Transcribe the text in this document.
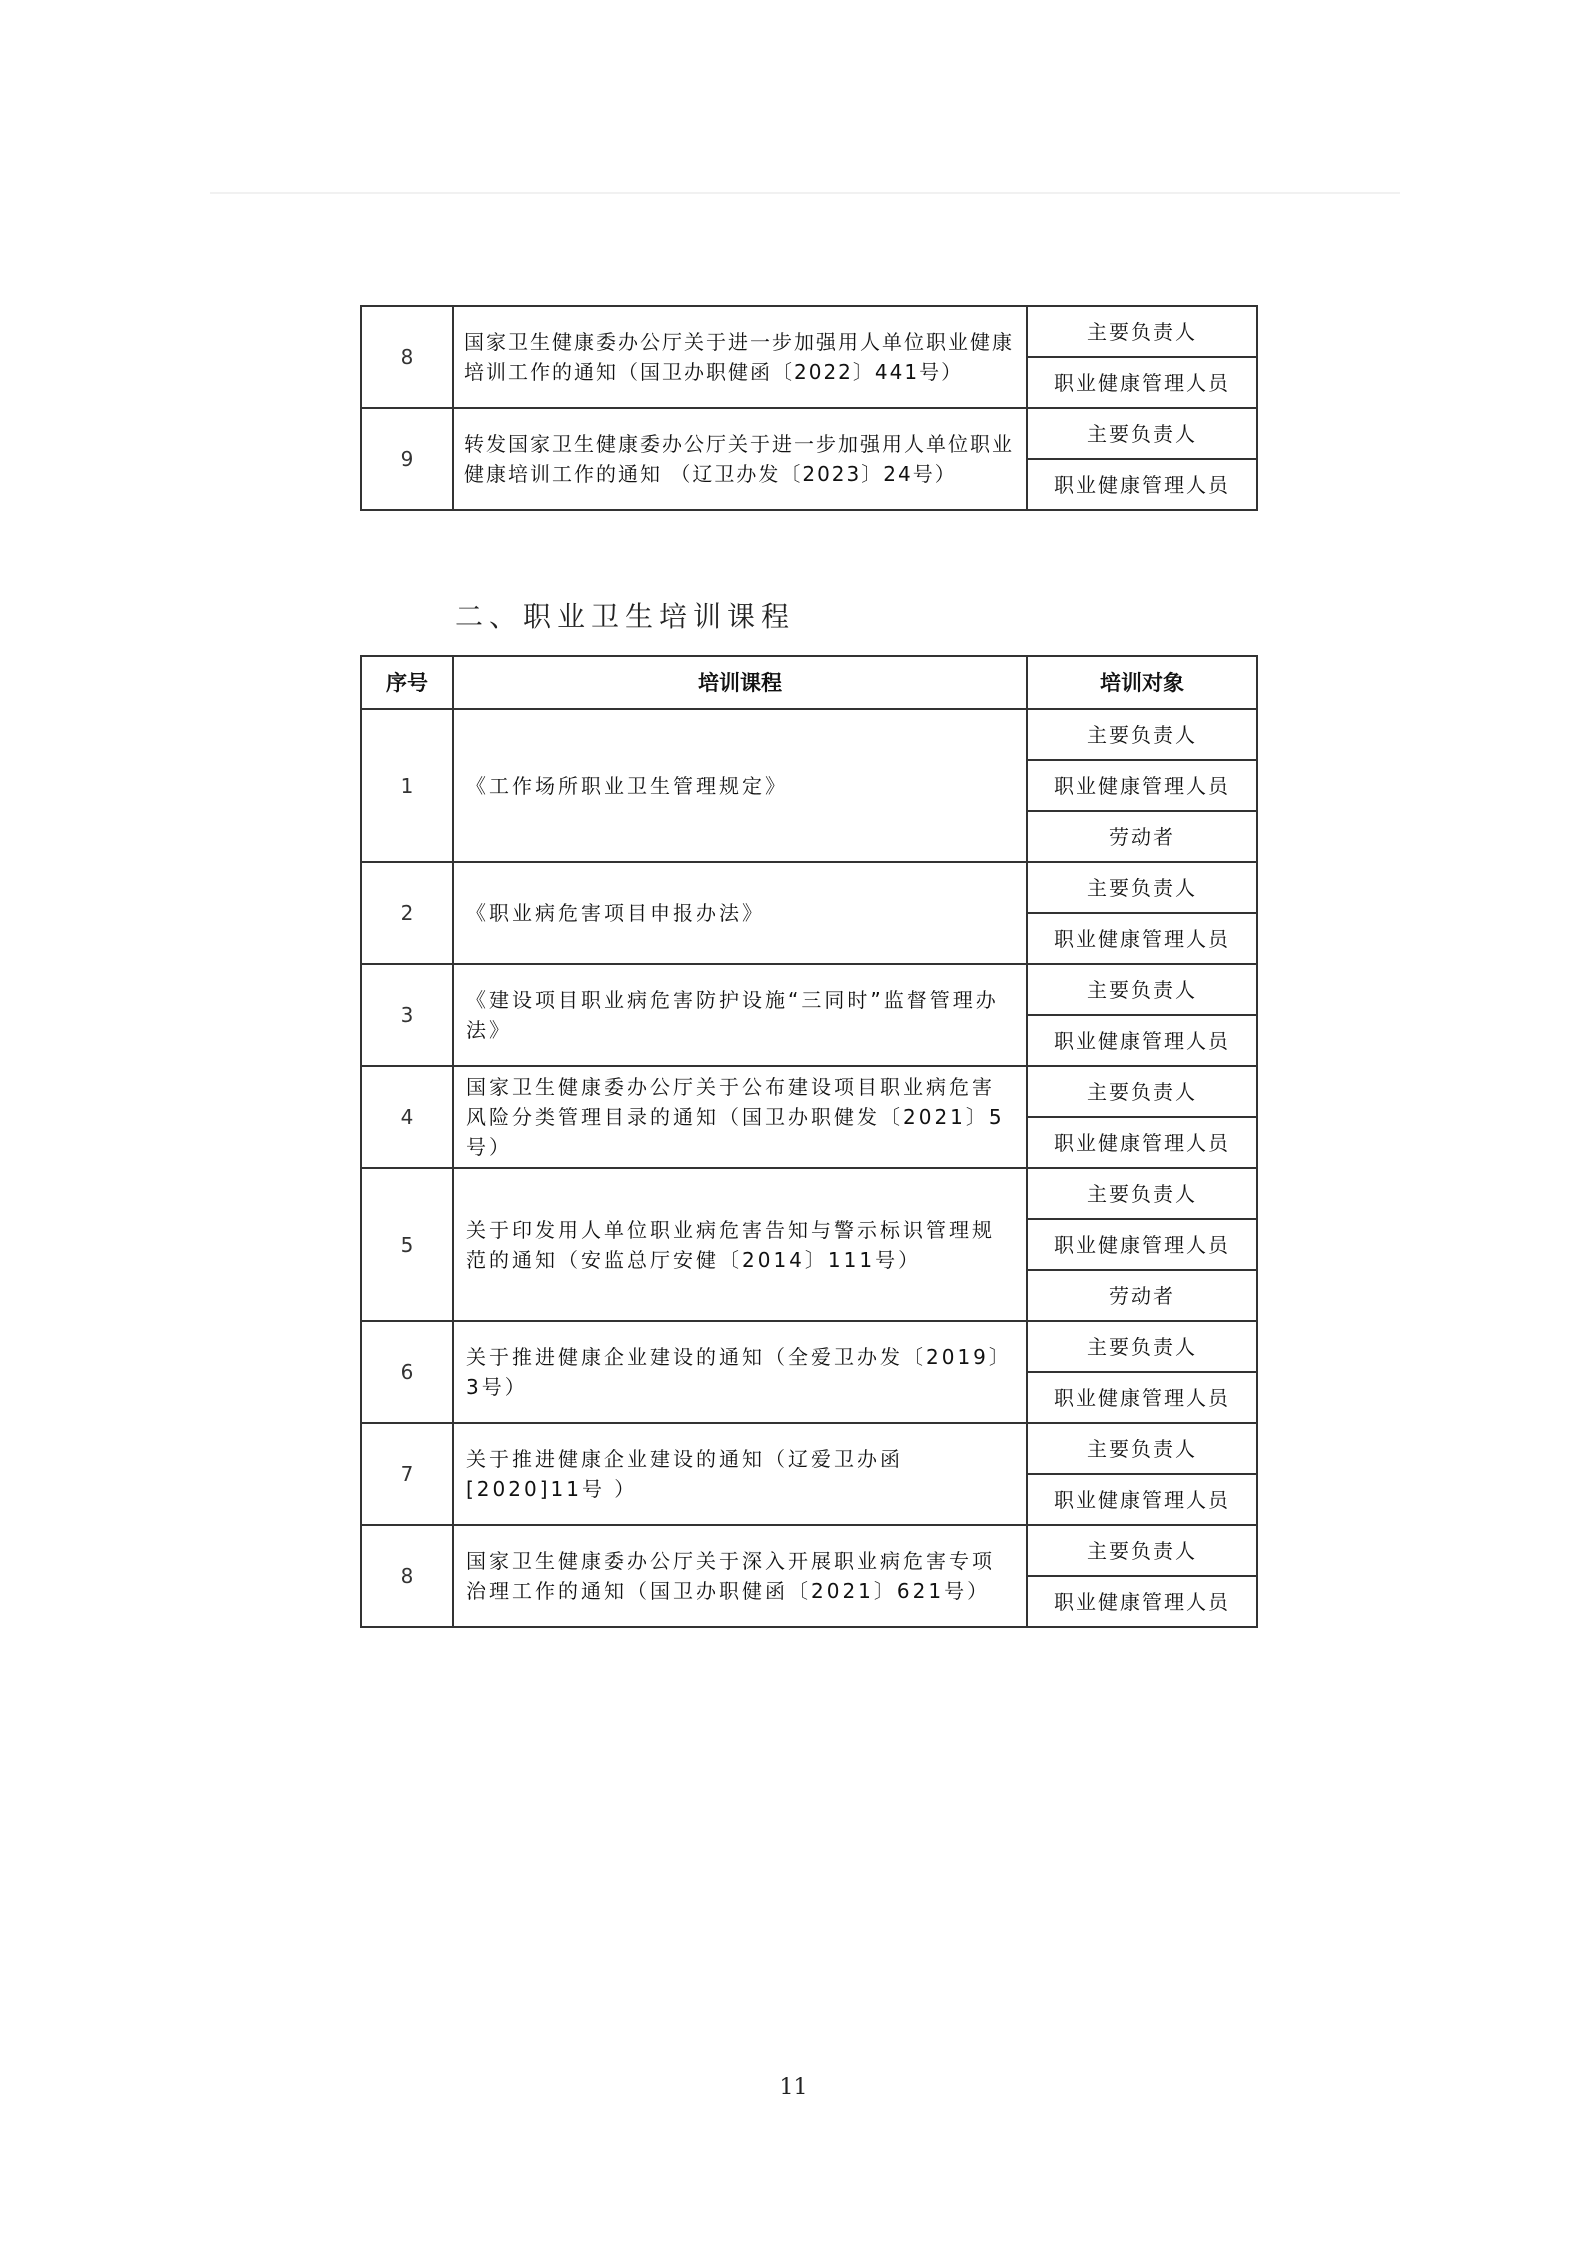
8	国家卫生健康委办公厅关于进一步加强用人单位职业健康培训工作的通知（国卫办职健函〔2022〕441号）	主要负责人
		职业健康管理人员
9	转发国家卫生健康委办公厅关于进一步加强用人单位职业健康培训工作的通知 （辽卫办发〔2023〕24号）	主要负责人
		职业健康管理人员
二、职业卫生培训课程
序号	培训课程	培训对象
1	《工作场所职业卫生管理规定》	主要负责人
		职业健康管理人员
		劳动者
2	《职业病危害项目申报办法》	主要负责人
		职业健康管理人员
3	《建设项目职业病危害防护设施“三同时”监督管理办法》	主要负责人
		职业健康管理人员
4	国家卫生健康委办公厅关于公布建设项目职业病危害风险分类管理目录的通知（国卫办职健发〔2021〕5号）	主要负责人
		职业健康管理人员
5	关于印发用人单位职业病危害告知与警示标识管理规范的通知（安监总厅安健〔2014〕111号）	主要负责人
		职业健康管理人员
		劳动者
6	关于推进健康企业建设的通知（全爱卫办发〔2019〕3号）	主要负责人
		职业健康管理人员
7	关于推进健康企业建设的通知（辽爱卫办函[2020]11号 ）	主要负责人
		职业健康管理人员
8	国家卫生健康委办公厅关于深入开展职业病危害专项治理工作的通知（国卫办职健函〔2021〕621号）	主要负责人
		职业健康管理人员
11
